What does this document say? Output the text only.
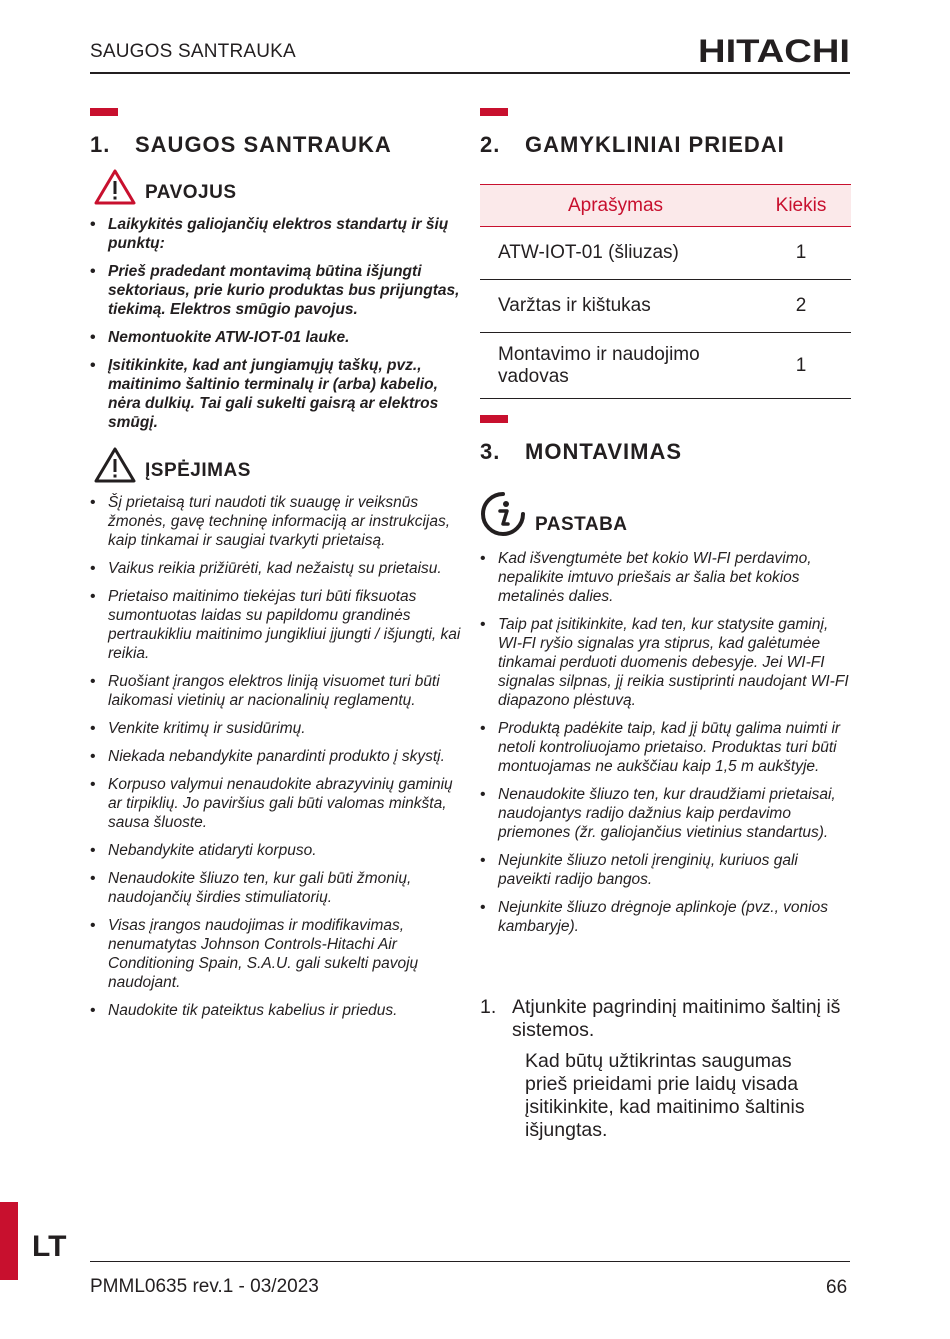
SAUGOS SANTRAUKA	HITACHI
1. SAUGOS SANTRAUKA
PAVOJUS
• Laikykitės galiojančių elektros standartų ir šių punktų:
• Prieš pradedant montavimą būtina išjungti sektoriaus, prie kurio produktas bus prijungtas, tiekimą. Elektros smūgio pavojus.
• Nemontuokite ATW-IOT-01 lauke.
• Įsitikinkite, kad ant jungiamųjų taškų, pvz., maitinimo šaltinio terminalų ir (arba) kabelio, nėra dulkių. Tai gali sukelti gaisrą ar elektros smūgį.
ĮSPĖJIMAS
• Šį prietaisą turi naudoti tik suaugę ir veiksnūs žmonės, gavę techninę informaciją ar instrukcijas, kaip tinkamai ir saugiai tvarkyti prietaisą.
• Vaikus reikia prižiūrėti, kad nežaistų su prietaisu.
• Prietaiso maitinimo tiekėjas turi būti fiksuotas sumontuotas laidas su papildomu grandinės pertraukikliu maitinimo jungikliui įjungti / išjungti, kai reikia.
• Ruošiant įrangos elektros liniją visuomet turi būti laikomasi vietinių ar nacionalinių reglamentų.
• Venkite kritimų ir susidūrimų.
• Niekada nebandykite panardinti produkto į skystį.
• Korpuso valymui nenaudokite abrazyvinių gaminių ar tirpiklių. Jo paviršius gali būti valomas minkšta, sausa šluoste.
• Nebandykite atidaryti korpuso.
• Nenaudokite šliuzo ten, kur gali būti žmonių, naudojančių širdies stimuliatorių.
• Visas įrangos naudojimas ir modifikavimas, nenumatytas Johnson Controls-Hitachi Air Conditioning Spain, S.A.U. gali sukelti pavojų naudojant.
• Naudokite tik pateiktus kabelius ir priedus.
2. GAMYKLINIAI PRIEDAI
Aprašymas	Kiekis
ATW-IOT-01 (šliuzas)	1
Varžtas ir kištukas	2
Montavimo ir naudojimo vadovas	1
3. MONTAVIMAS
PASTABA
• Kad išvengtumėte bet kokio WI-FI perdavimo, nepalikite imtuvo priešais ar šalia bet kokios metalinės dalies.
• Taip pat įsitikinkite, kad ten, kur statysite gaminį, WI-FI ryšio signalas yra stiprus, kad galėtumėe tinkamai perduoti duomenis debesyje. Jei WI-FI signalas silpnas, jį reikia sustiprinti naudojant WI-FI diapazono plėstuvą.
• Produktą padėkite taip, kad jį būtų galima nuimti ir netoli kontroliuojamo prietaiso. Produktas turi būti montuojamas ne aukščiau kaip 1,5 m aukštyje.
• Nenaudokite šliuzo ten, kur draudžiami prietaisai, naudojantys radijo dažnius kaip perdavimo priemones (žr. galiojančius vietinius standartus).
• Nejunkite šliuzo netoli įrenginių, kuriuos gali paveikti radijo bangos.
• Nejunkite šliuzo drėgnoje aplinkoje (pvz., vonios kambaryje).
1. Atjunkite pagrindinį maitinimo šaltinį iš sistemos.
Kad būtų užtikrintas saugumas prieš prieidami prie laidų visada įsitikinkite, kad maitinimo šaltinis išjungtas.
LT
PMML0635 rev.1 - 03/2023	66
